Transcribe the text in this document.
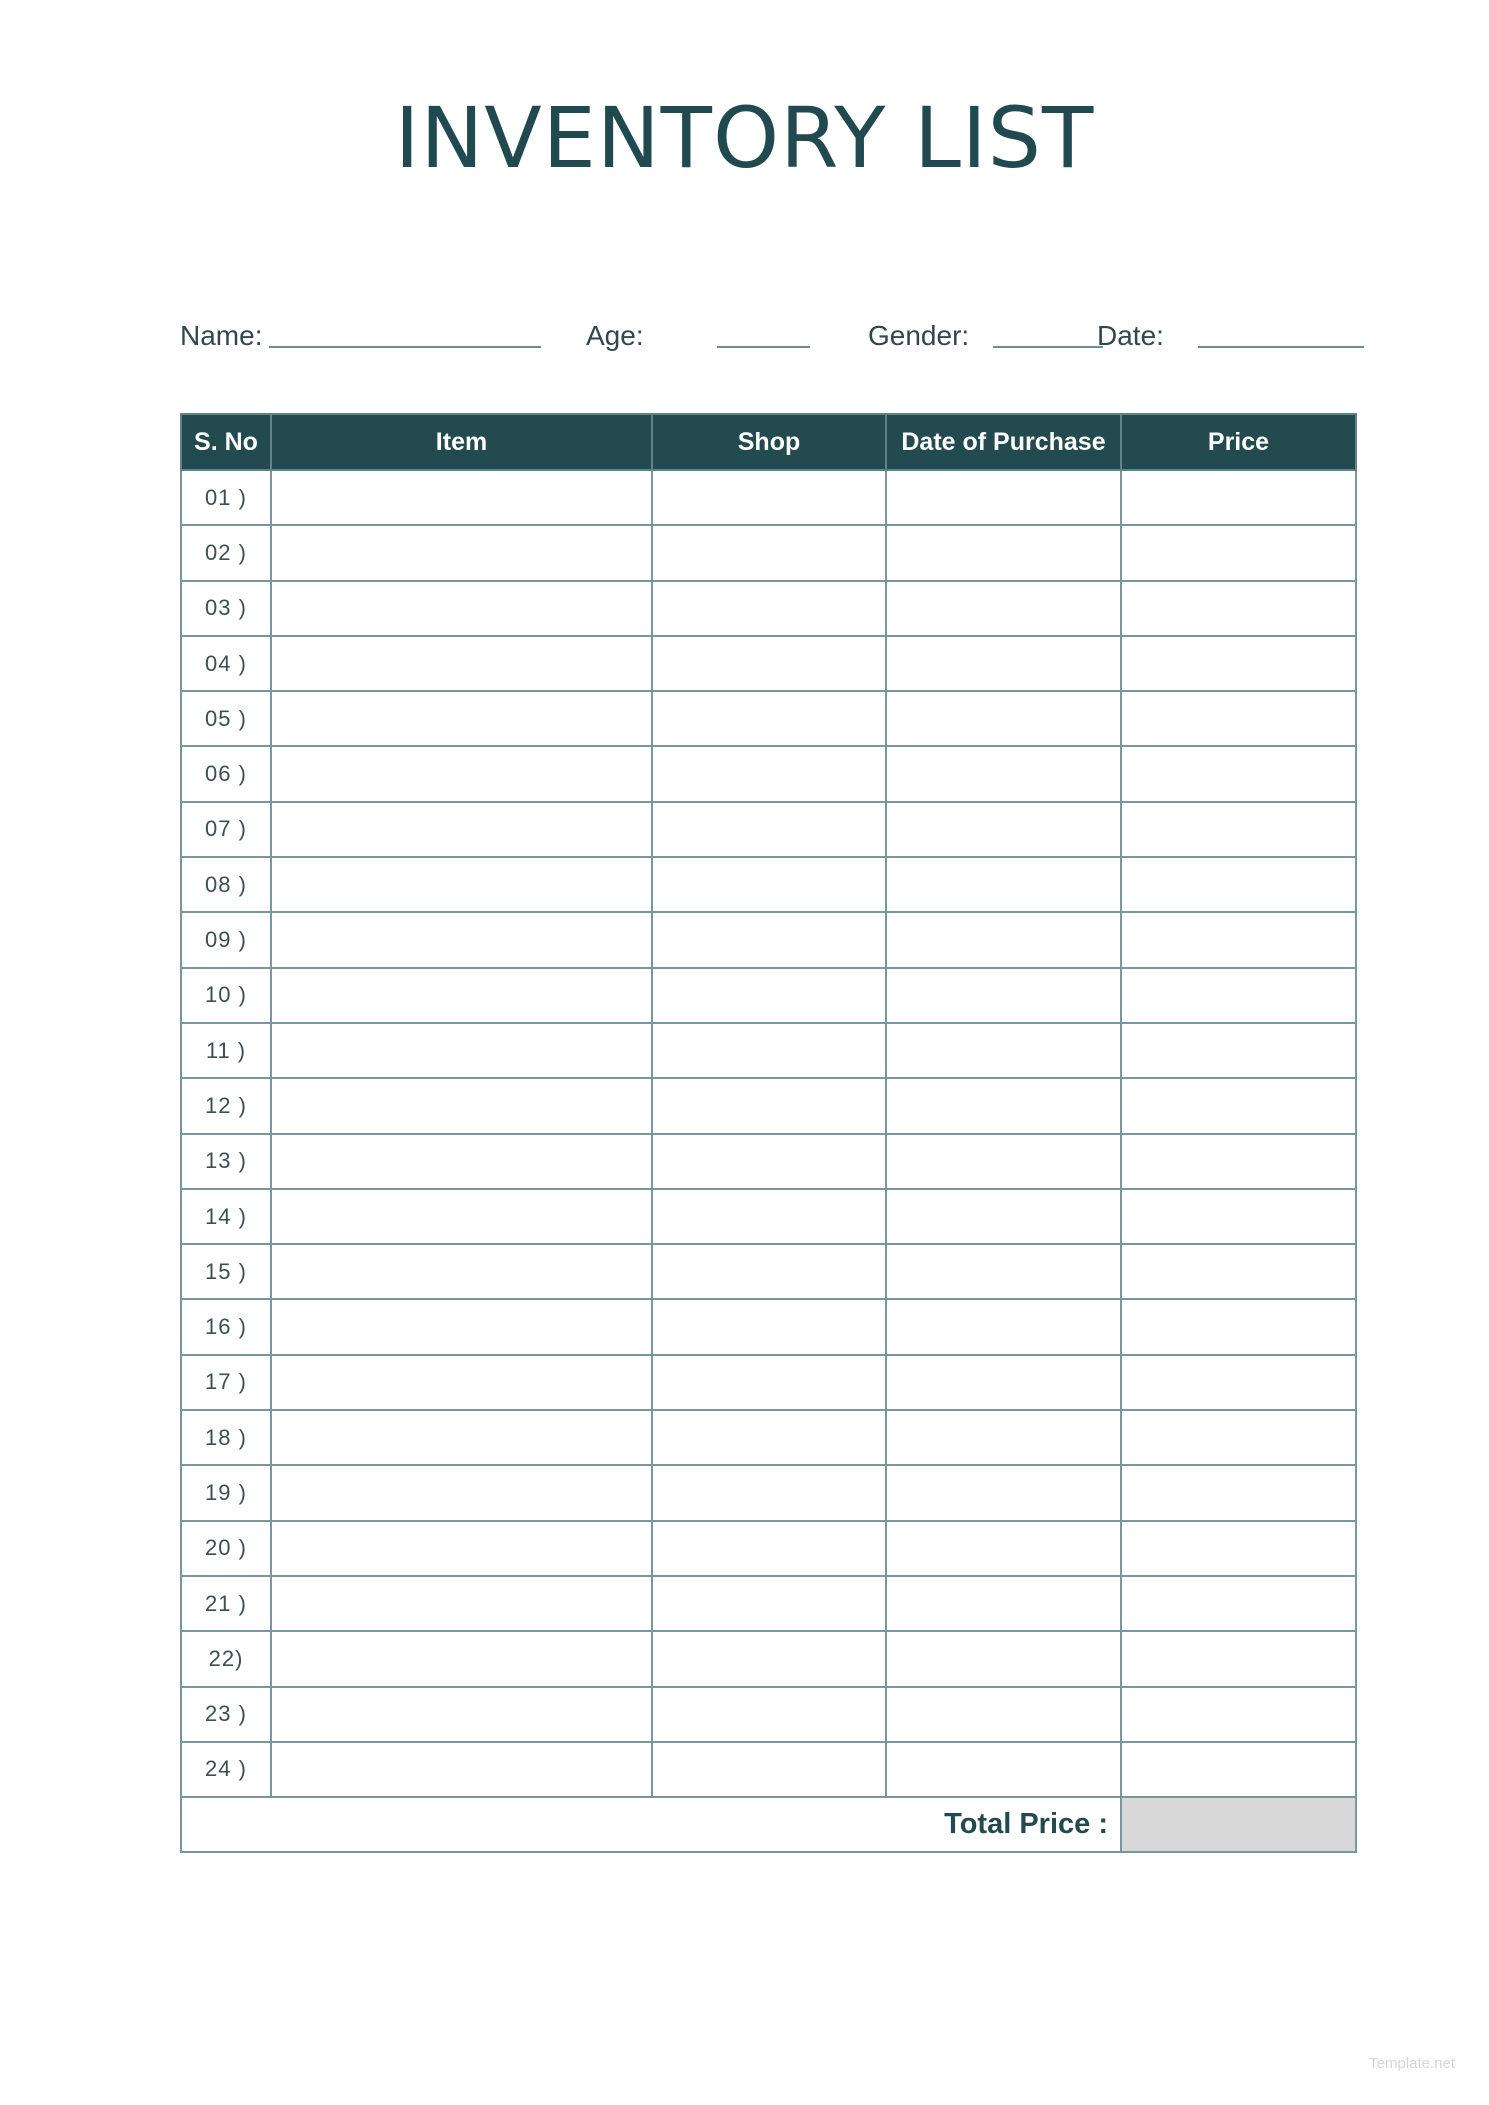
INVENTORY LIST
Name:	Age:	Gender:	Date:
S. No	Item	Shop	Date of Purchase	Price
01 )				
02 )				
03 )				
04 )				
05 )				
06 )				
07 )				
08 )				
09 )				
10 )				
11 )				
12 )				
13 )				
14 )				
15 )				
16 )				
17 )				
18 )				
19 )				
20 )				
21 )				
22)				
23 )				
24 )				
Total Price :				
Template.net
